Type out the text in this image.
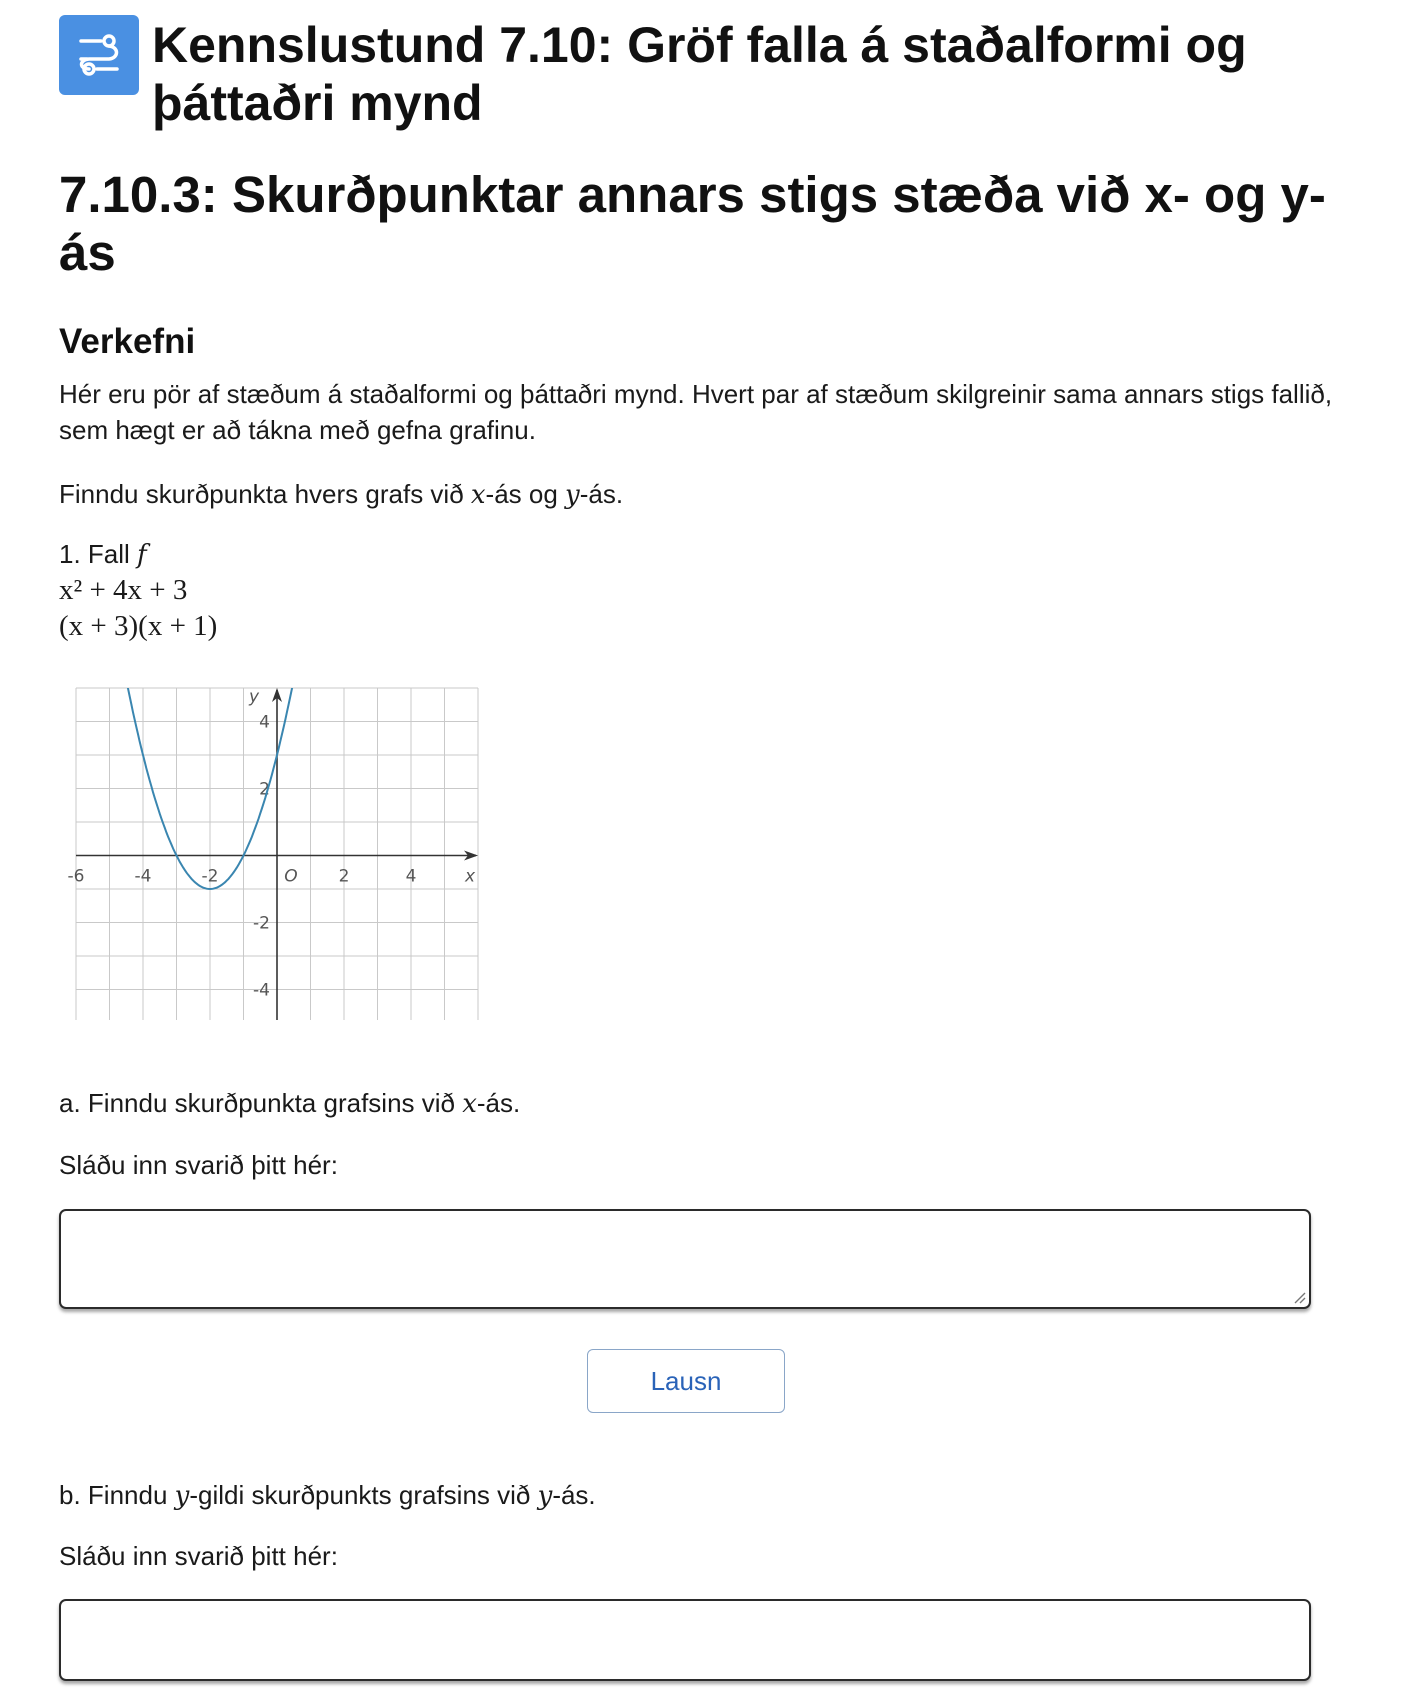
Kennslustund 7.10: Gröf falla á staðalformi og þáttaðri mynd
7.10.3: Skurðpunktar annars stigs stæða við x- og y-ás
Verkefni

Hér eru pör af stæðum á staðalformi og þáttaðri mynd. Hvert par af stæðum skilgreinir sama annars stigs fallið, sem hægt er að tákna með gefna grafinu.

Finndu skurðpunkta hvers grafs við x-ás og y-ás.

1. Fall f

x² + 4x + 3

(x + 3)(x + 1)

-6	-4	-2	2	4
4
2
-2
-4
O
y
x

a. Finndu skurðpunkta grafsins við x-ás.

Sláðu inn svarið þitt hér:

Lausn

b. Finndu y-gildi skurðpunkts grafsins við y-ás.

Sláðu inn svarið þitt hér:
